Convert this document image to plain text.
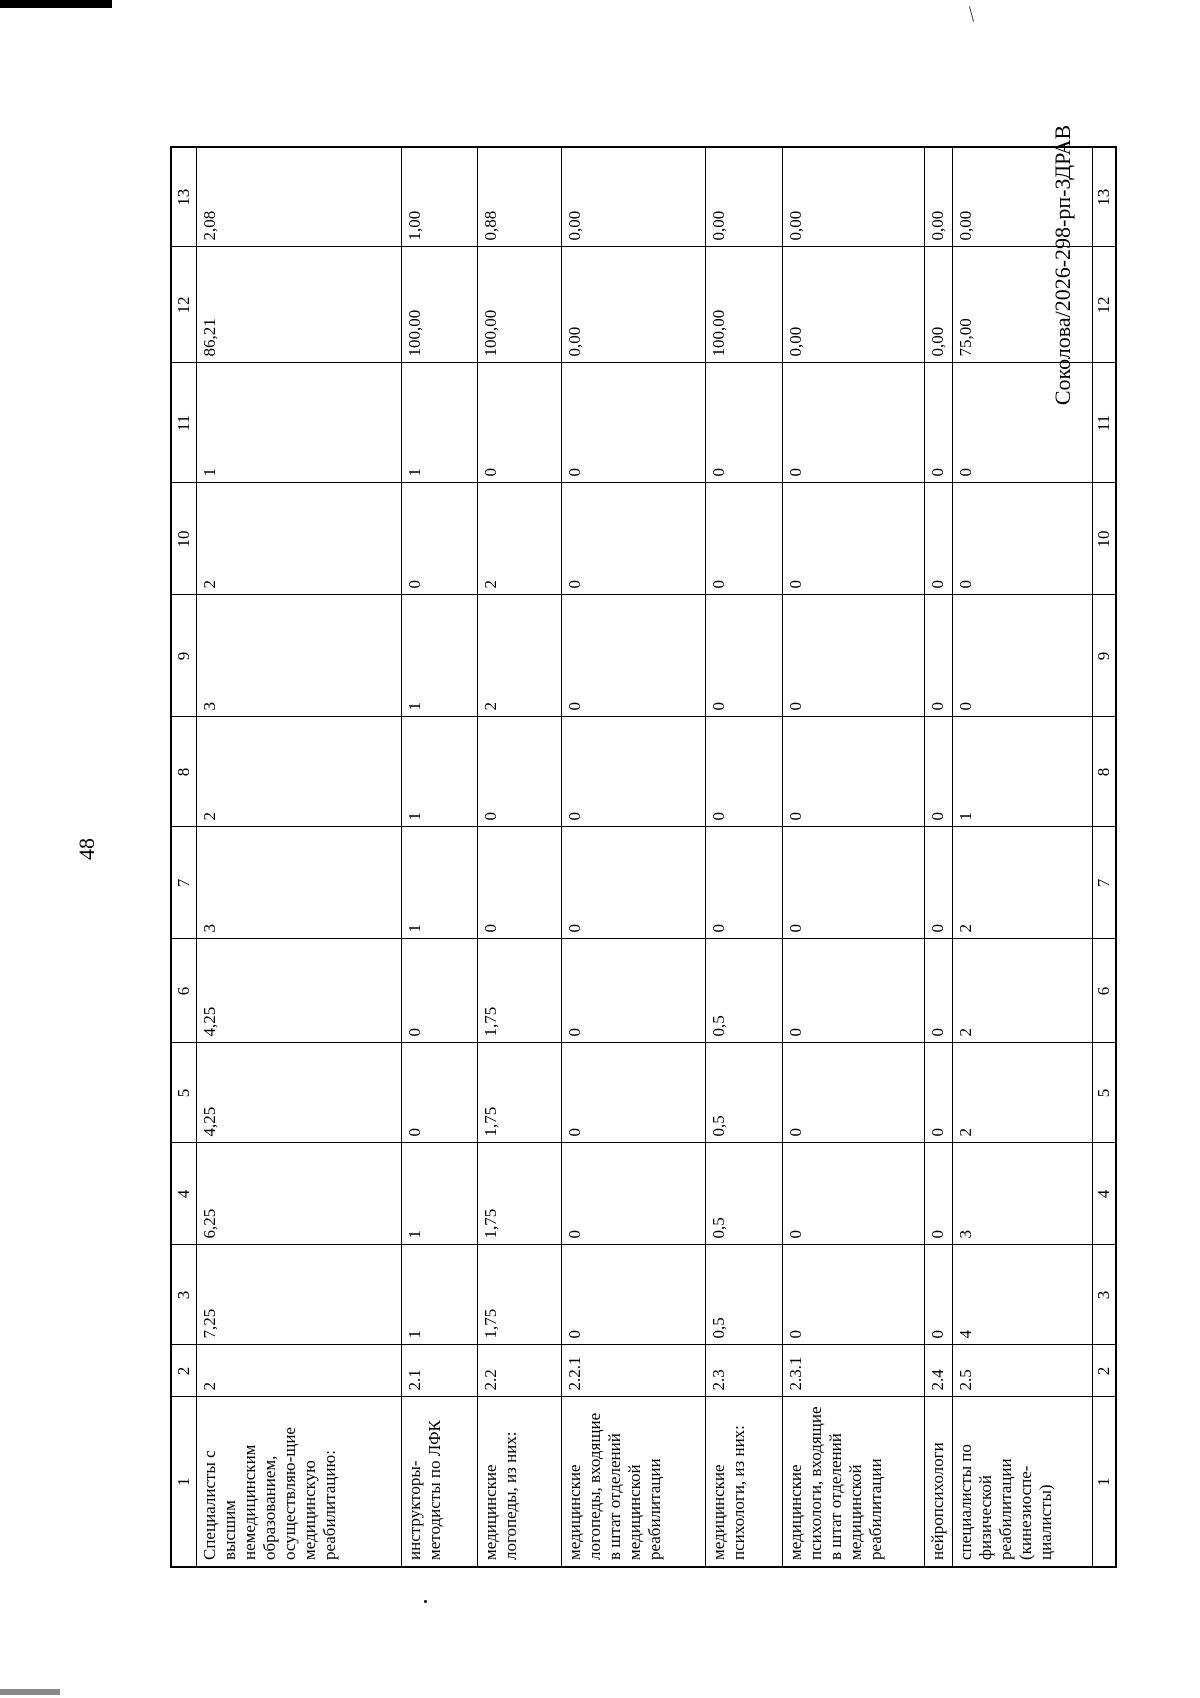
48
Соколова/2026-298-рп-ЗДРАВ
1	2	3	4	5	6	7	8	9	10	11	12	13
Специалисты с высшим немедицинским образованием, осуществляю-щие медицинскую реабилитацию:	2	7,25	6,25	4,25	4,25	3	2	3	2	1	86,21	2,08
инструкторы-методисты по ЛФК	2.1	1	1	0	0	1	1	1	0	1	100,00	1,00
медицинские логопеды, из них:	2.2	1,75	1,75	1,75	1,75	0	0	2	2	0	100,00	0,88
медицинские логопеды, входящие в штат отделений медицинской реабилитации	2.2.1	0	0	0	0	0	0	0	0	0	0,00	0,00
медицинские психологи, из них:	2.3	0,5	0,5	0,5	0,5	0	0	0	0	0	100,00	0,00
медицинские психологи, входящие в штат отделений медицинской реабилитации	2.3.1	0	0	0	0	0	0	0	0	0	0,00	0,00
нейропсихологи	2.4	0	0	0	0	0	0	0	0	0	0,00	0,00
специалисты по физической реабилитации (кинезиоспе-циалисты)	2.5	4	3	2	2	2	1	0	0	0	75,00	0,00
1	2	3	4	5	6	7	8	9	10	11	12	13
